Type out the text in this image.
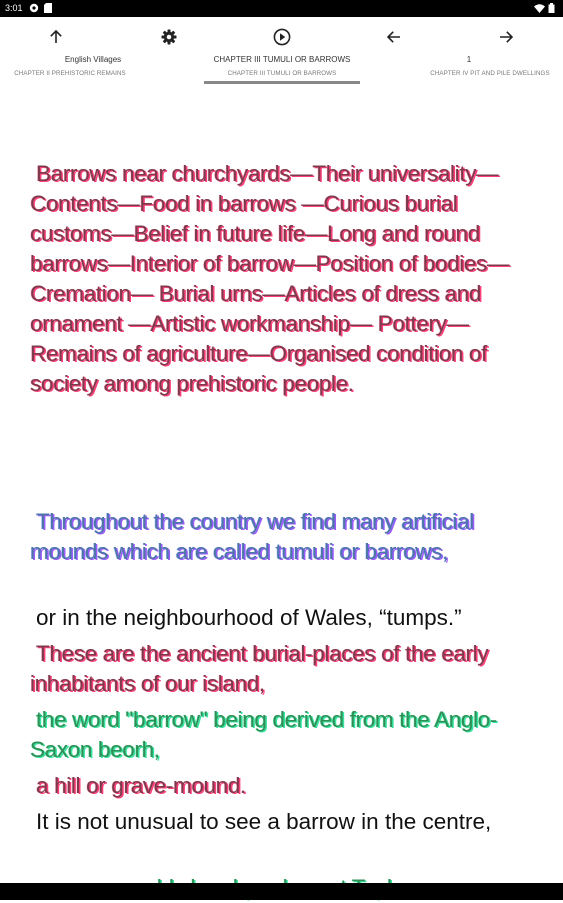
3:01

English Villages
CHAPTER II PREHISTORIC REMAINS
CHAPTER III TUMULI OR BARROWS
CHAPTER III TUMULI OR BARROWS
1
CHAPTER IV PIT AND PILE DWELLINGS

Barrows near churchyards—Their universality—Contents—Food in barrows —Curious burial customs—Belief in future life—Long and round barrows—Interior of barrow—Position of bodies—Cremation— Burial urns—Articles of dress and ornament —Artistic workmanship— Pottery—Remains of agriculture—Organised condition of society among prehistoric people.

Throughout the country we find many artificial mounds which are called tumuli or barrows,

or in the neighbourhood of Wales, “tumps.”

These are the ancient burial-places of the early inhabitants of our island,

the word "barrow" being derived from the Anglo-Saxon beorh,

a hill or grave-mound.

It is not unusual to see a barrow in the centre,
